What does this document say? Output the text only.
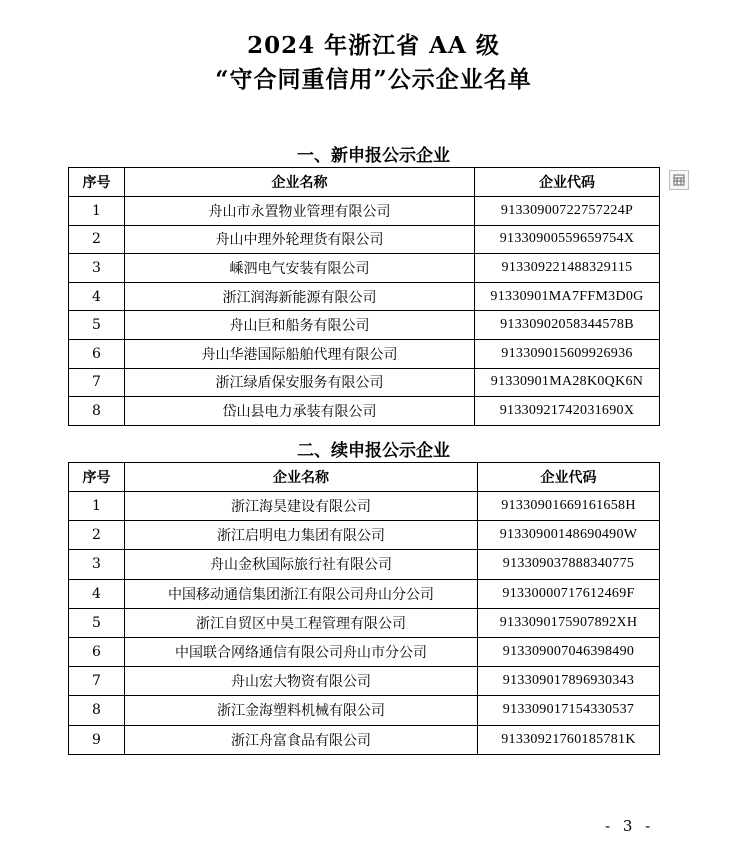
2024 年浙江省 AA 级
“守合同重信用”公示企业名单
一、新申报公示企业
序号	企业名称	企业代码
1	舟山市永置物业管理有限公司	91330900722757224P
2	舟山中理外轮理货有限公司	91330900559659754X
3	嵊泗电气安装有限公司	91330922148832911​5
4	浙江润海新能源有限公司	91330901MA7FFM3D0G
5	舟山巨和船务有限公司	91330902058344578B
6	舟山华港国际船舶代理有限公司	913309015609926936
7	浙江绿盾保安服务有限公司	91330901MA28K0QK6N
8	岱山县电力承装有限公司	91330921742031690X
二、续申报公示企业
序号	企业名称	企业代码
1	浙江海昊建设有限公司	91330901669161658H
2	浙江启明电力集团有限公司	91330900148690490W
3	舟山金秋国际旅行社有限公司	913309037888340775
4	中国移动通信集团浙江有限公司舟山分公司	91330000717612469F
5	浙江自贸区中昊工程管理有限公司	913309017590789​2XH
6	中国联合网络通信有限公司舟山市分公司	913309007046398490
7	舟山宏大物资有限公司	913309017896930343
8	浙江金海塑料机械有限公司	913309017154330537
9	浙江舟富食品有限公司	91330921760185781K
- 3 -
